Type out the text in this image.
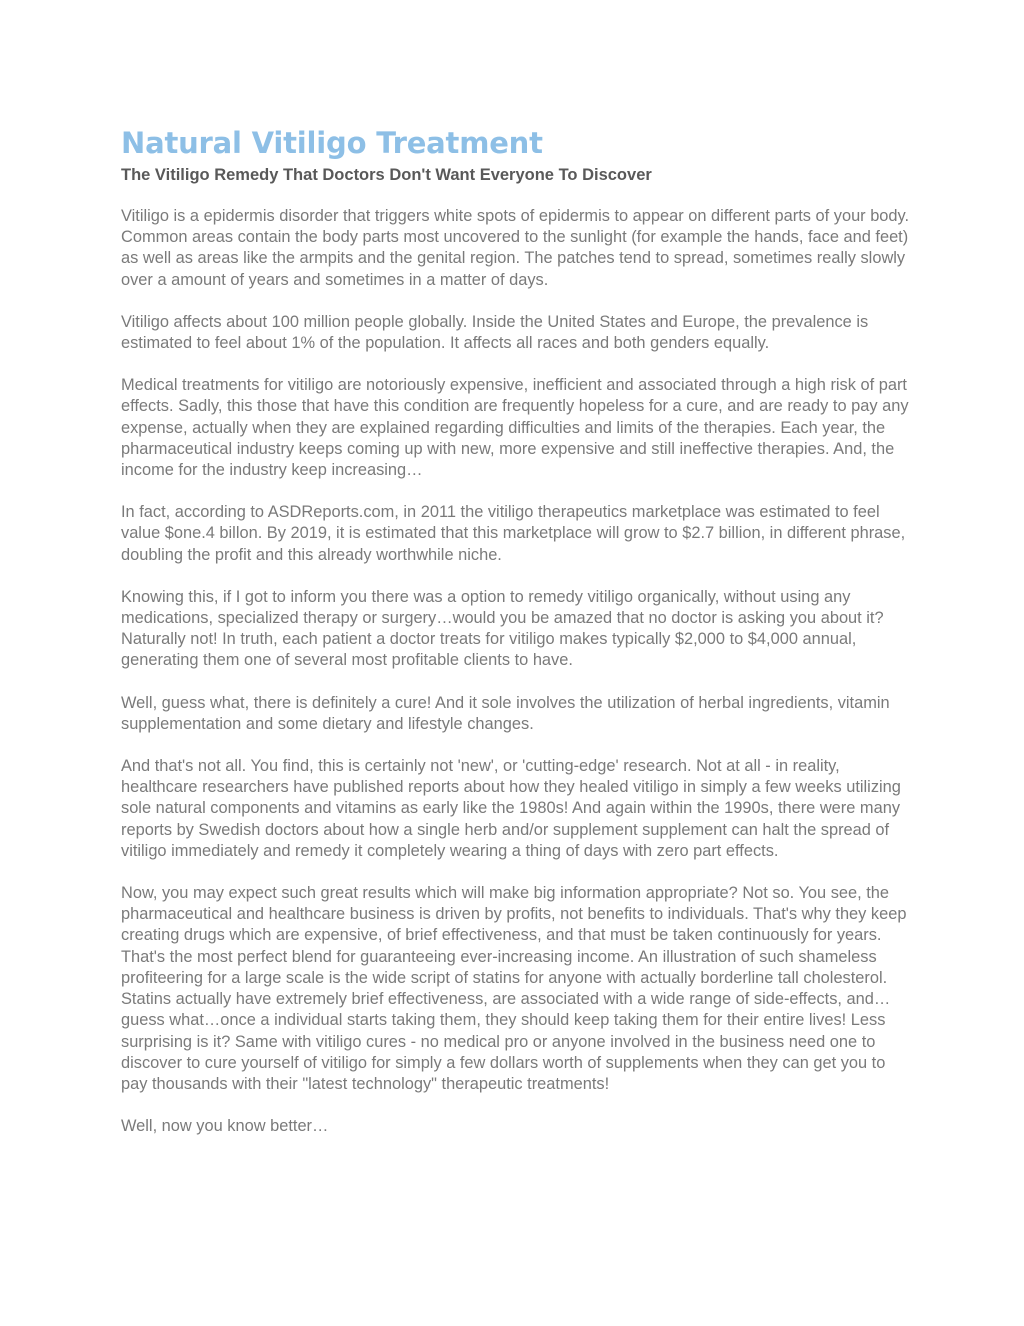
Natural Vitiligo Treatment
The Vitiligo Remedy That Doctors Don't Want Everyone To Discover

Vitiligo is a epidermis disorder that triggers white spots of epidermis to appear on different parts of your body. Common areas contain the body parts most uncovered to the sunlight (for example the hands, face and feet) as well as areas like the armpits and the genital region. The patches tend to spread, sometimes really slowly over a amount of years and sometimes in a matter of days.

Vitiligo affects about 100 million people globally. Inside the United States and Europe, the prevalence is estimated to feel about 1% of the population. It affects all races and both genders equally.

Medical treatments for vitiligo are notoriously expensive, inefficient and associated through a high risk of part effects. Sadly, this those that have this condition are frequently hopeless for a cure, and are ready to pay any expense, actually when they are explained regarding difficulties and limits of the therapies. Each year, the pharmaceutical industry keeps coming up with new, more expensive and still ineffective therapies. And, the income for the industry keep increasing…

In fact, according to ASDReports.com, in 2011 the vitiligo therapeutics marketplace was estimated to feel value $one.4 billon. By 2019, it is estimated that this marketplace will grow to $2.7 billion, in different phrase, doubling the profit and this already worthwhile niche.

Knowing this, if I got to inform you there was a option to remedy vitiligo organically, without using any medications, specialized therapy or surgery…would you be amazed that no doctor is asking you about it? Naturally not! In truth, each patient a doctor treats for vitiligo makes typically $2,000 to $4,000 annual, generating them one of several most profitable clients to have.

Well, guess what, there is definitely a cure! And it sole involves the utilization of herbal ingredients, vitamin supplementation and some dietary and lifestyle changes.

And that's not all. You find, this is certainly not 'new', or 'cutting-edge' research. Not at all - in reality, healthcare researchers have published reports about how they healed vitiligo in simply a few weeks utilizing sole natural components and vitamins as early like the 1980s! And again within the 1990s, there were many reports by Swedish doctors about how a single herb and/or supplement supplement can halt the spread of vitiligo immediately and remedy it completely wearing a thing of days with zero part effects.

Now, you may expect such great results which will make big information appropriate? Not so. You see, the pharmaceutical and healthcare business is driven by profits, not benefits to individuals. That's why they keep creating drugs which are expensive, of brief effectiveness, and that must be taken continuously for years. That's the most perfect blend for guaranteeing ever-increasing income. An illustration of such shameless profiteering for a large scale is the wide script of statins for anyone with actually borderline tall cholesterol. Statins actually have extremely brief effectiveness, are associated with a wide range of side-effects, and…guess what…once a individual starts taking them, they should keep taking them for their entire lives! Less surprising is it? Same with vitiligo cures - no medical pro or anyone involved in the business need one to discover to cure yourself of vitiligo for simply a few dollars worth of supplements when they can get you to pay thousands with their "latest technology" therapeutic treatments!

Well, now you know better…
